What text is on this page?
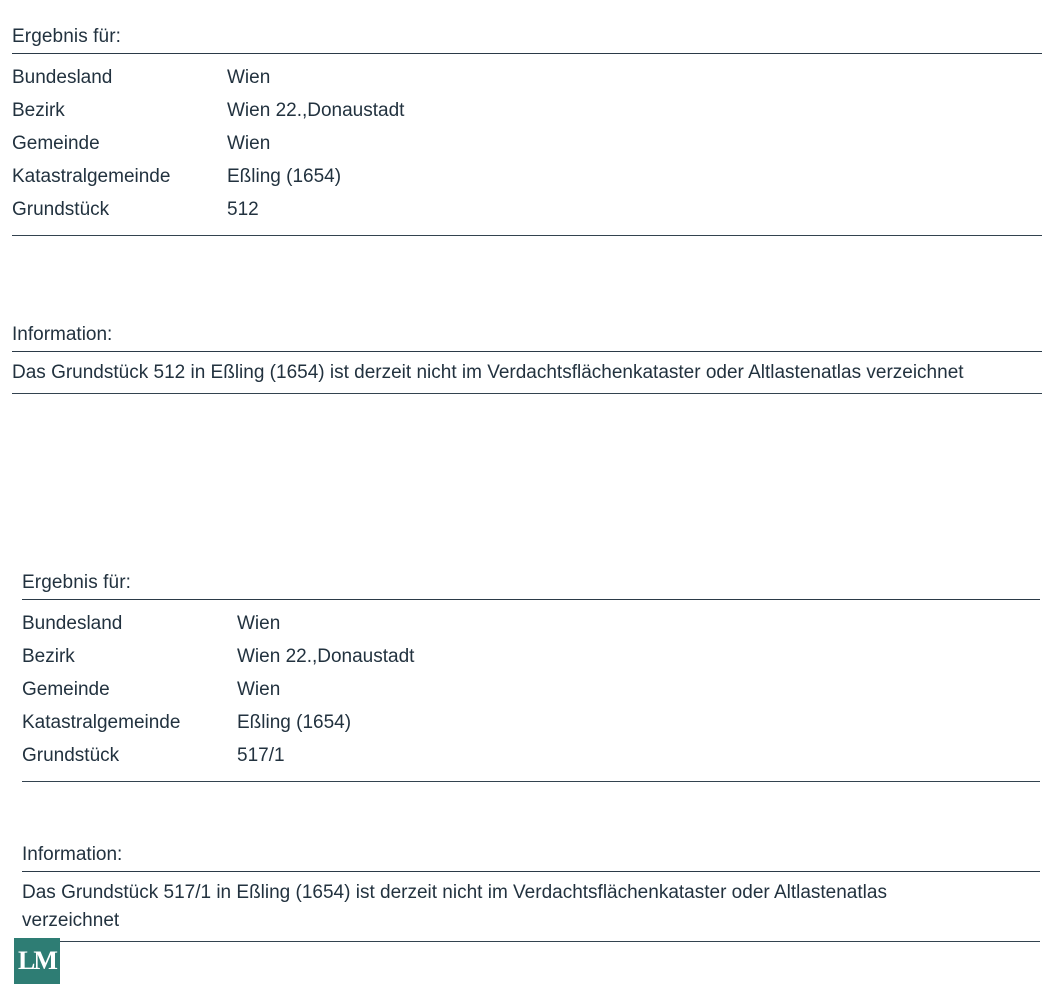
Ergebnis für:
Bundesland	Wien
Bezirk	Wien 22.,Donaustadt
Gemeinde	Wien
Katastralgemeinde	Eßling (1654)
Grundstück	512
Information:
Das Grundstück 512 in Eßling (1654) ist derzeit nicht im Verdachtsflächenkataster oder Altlastenatlas verzeichnet
Ergebnis für:
Bundesland	Wien
Bezirk	Wien 22.,Donaustadt
Gemeinde	Wien
Katastralgemeinde	Eßling (1654)
Grundstück	517/1
Information:
Das Grundstück 517/1 in Eßling (1654) ist derzeit nicht im Verdachtsflächenkataster oder Altlastenatlas verzeichnet
LM
